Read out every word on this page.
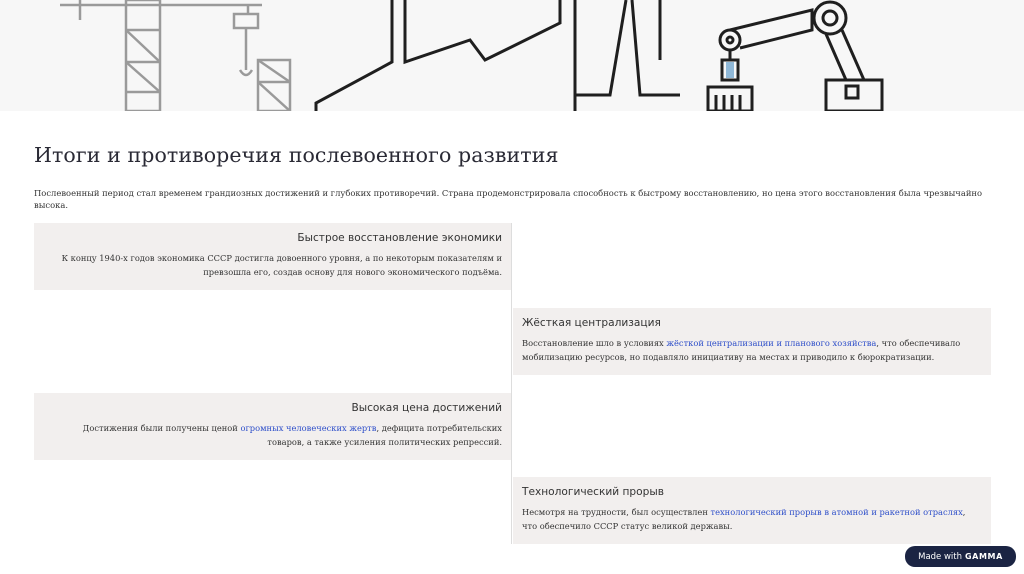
Итоги и противоречия послевоенного развития

Послевоенный период стал временем грандиозных достижений и глубоких противоречий. Страна продемонстрировала способность к быстрому восстановлению, но цена этого восстановления была чрезвычайно высока.

Быстрое восстановление экономики

К концу 1940-х годов экономика СССР достигла довоенного уровня, а по некоторым показателям и превзошла его, создав основу для нового экономического подъёма.

Жёсткая централизация

Восстановление шло в условиях жёсткой централизации и планового хозяйства, что обеспечивало мобилизацию ресурсов, но подавляло инициативу на местах и приводило к бюрократизации.

Высокая цена достижений

Достижения были получены ценой огромных человеческих жертв, дефицита потребительских товаров, а также усиления политических репрессий.

Технологический прорыв

Несмотря на трудности, был осуществлен технологический прорыв в атомной и ракетной отраслях, что обеспечило СССР статус великой державы.

Made with GAMMA
